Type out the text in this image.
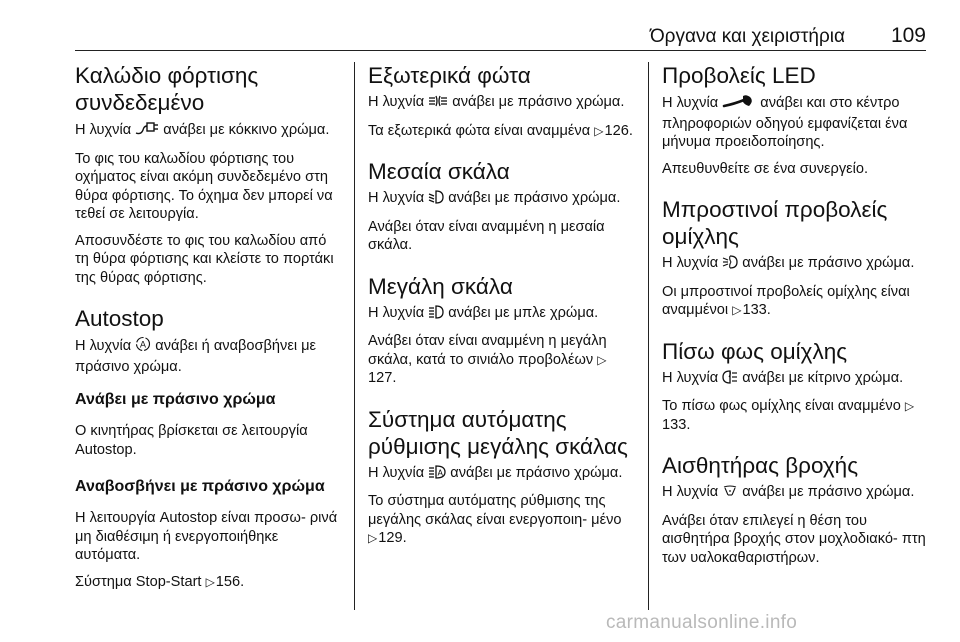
Όργανα και χειριστήρια	109
Καλώδιο φόρτισης
συνδεδεμένο

Η λυχνία ανάβει με κόκκινο χρώμα.

Το φις του καλωδίου φόρτισης του οχήματος είναι ακόμη συνδεδεμένο στη θύρα φόρτισης. Το όχημα δεν μπορεί να τεθεί σε λειτουργία.

Αποσυνδέστε το φις του καλωδίου από τη θύρα φόρτισης και κλείστε το πορτάκι της θύρας φόρτισης.

Autostop

Η λυχνία A ανάβει ή αναβοσβήνει με πράσινο χρώμα.

Ανάβει με πράσινο χρώμα

Ο κινητήρας βρίσκεται σε λειτουργία Autostop.

Αναβοσβήνει με πράσινο χρώμα

Η λειτουργία Autostop είναι προσω- ρινά μη διαθέσιμη ή ενεργοποιήθηκε αυτόματα.

Σύστημα Stop-Start ▷156.

Εξωτερικά φώτα

Η λυχνία ανάβει με πράσινο χρώμα.

Τα εξωτερικά φώτα είναι αναμμένα ▷126.

Μεσαία σκάλα

Η λυχνία ανάβει με πράσινο χρώμα.

Ανάβει όταν είναι αναμμένη η μεσαία σκάλα.

Μεγάλη σκάλα

Η λυχνία ανάβει με μπλε χρώμα.

Ανάβει όταν είναι αναμμένη η μεγάλη σκάλα, κατά το σινιάλο προβολέων ▷127.

Σύστημα αυτόματης
ρύθμισης μεγάλης σκάλας

Η λυχνία A ανάβει με πράσινο χρώμα.

Το σύστημα αυτόματης ρύθμισης της μεγάλης σκάλας είναι ενεργοποιη- μένο ▷129.

Προβολείς LED

Η λυχνία	ανάβει και στο κέντρο πληροφοριών οδηγού εμφανίζεται ένα μήνυμα προειδοποίησης.

Απευθυνθείτε σε ένα συνεργείο.

Μπροστινοί προβολείς
ομίχλης

Η λυχνία ανάβει με πράσινο χρώμα.

Οι μπροστινοί προβολείς ομίχλης είναι αναμμένοι ▷133.

Πίσω φως ομίχλης

Η λυχνία ανάβει με κίτρινο χρώμα.

Το πίσω φως ομίχλης είναι αναμμένο ▷133.

Αισθητήρας βροχής

Η λυχνία ανάβει με πράσινο χρώμα.

Ανάβει όταν επιλεγεί η θέση του αισθητήρα βροχής στον μοχλοδιακό- πτη των υαλοκαθαριστήρων.

carmanualsonline.info
